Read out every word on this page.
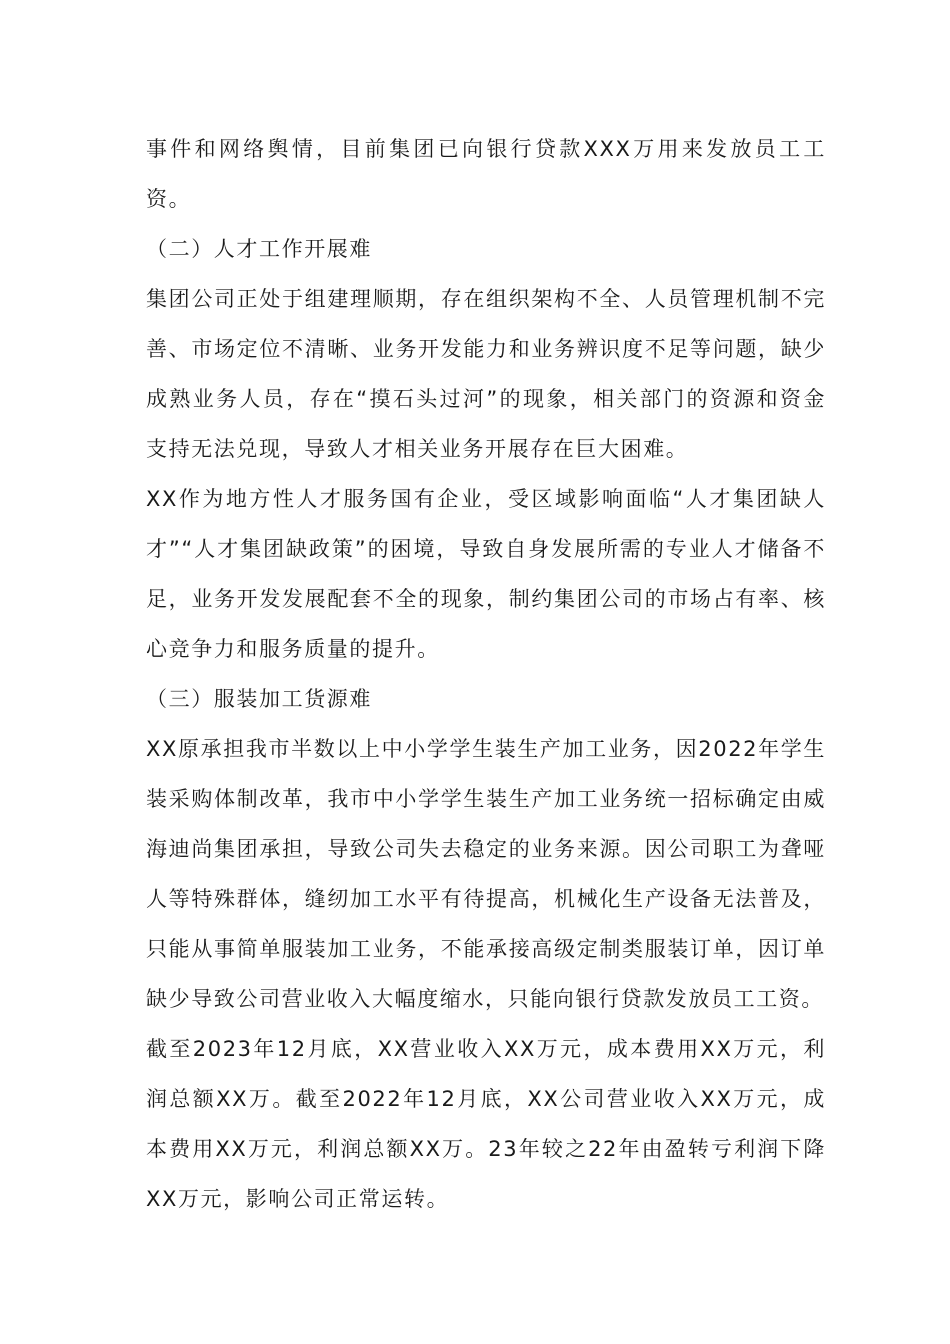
事件和网络舆情，目前集团已向银行贷款XXX万用来发放员工工资。

（二）人才工作开展难

集团公司正处于组建理顺期，存在组织架构不全、人员管理机制不完善、市场定位不清晰、业务开发能力和业务辨识度不足等问题，缺少成熟业务人员，存在“摸石头过河”的现象，相关部门的资源和资金支持无法兑现，导致人才相关业务开展存在巨大困难。

XX作为地方性人才服务国有企业，受区域影响面临“人才集团缺人才”“人才集团缺政策”的困境，导致自身发展所需的专业人才储备不足，业务开发发展配套不全的现象，制约集团公司的市场占有率、核心竞争力和服务质量的提升。

（三）服装加工货源难

XX原承担我市半数以上中小学学生装生产加工业务，因2022年学生装采购体制改革，我市中小学学生装生产加工业务统一招标确定由威海迪尚集团承担，导致公司失去稳定的业务来源。因公司职工为聋哑人等特殊群体，缝纫加工水平有待提高，机械化生产设备无法普及，只能从事简单服装加工业务，不能承接高级定制类服装订单，因订单缺少导致公司营业收入大幅度缩水，只能向银行贷款发放员工工资。

截至2023年12月底，XX营业收入XX万元，成本费用XX万元，利润总额XX万。截至2022年12月底，XX公司营业收入XX万元，成本费用XX万元，利润总额XX万。23年较之22年由盈转亏利润下降XX万元，影响公司正常运转。
